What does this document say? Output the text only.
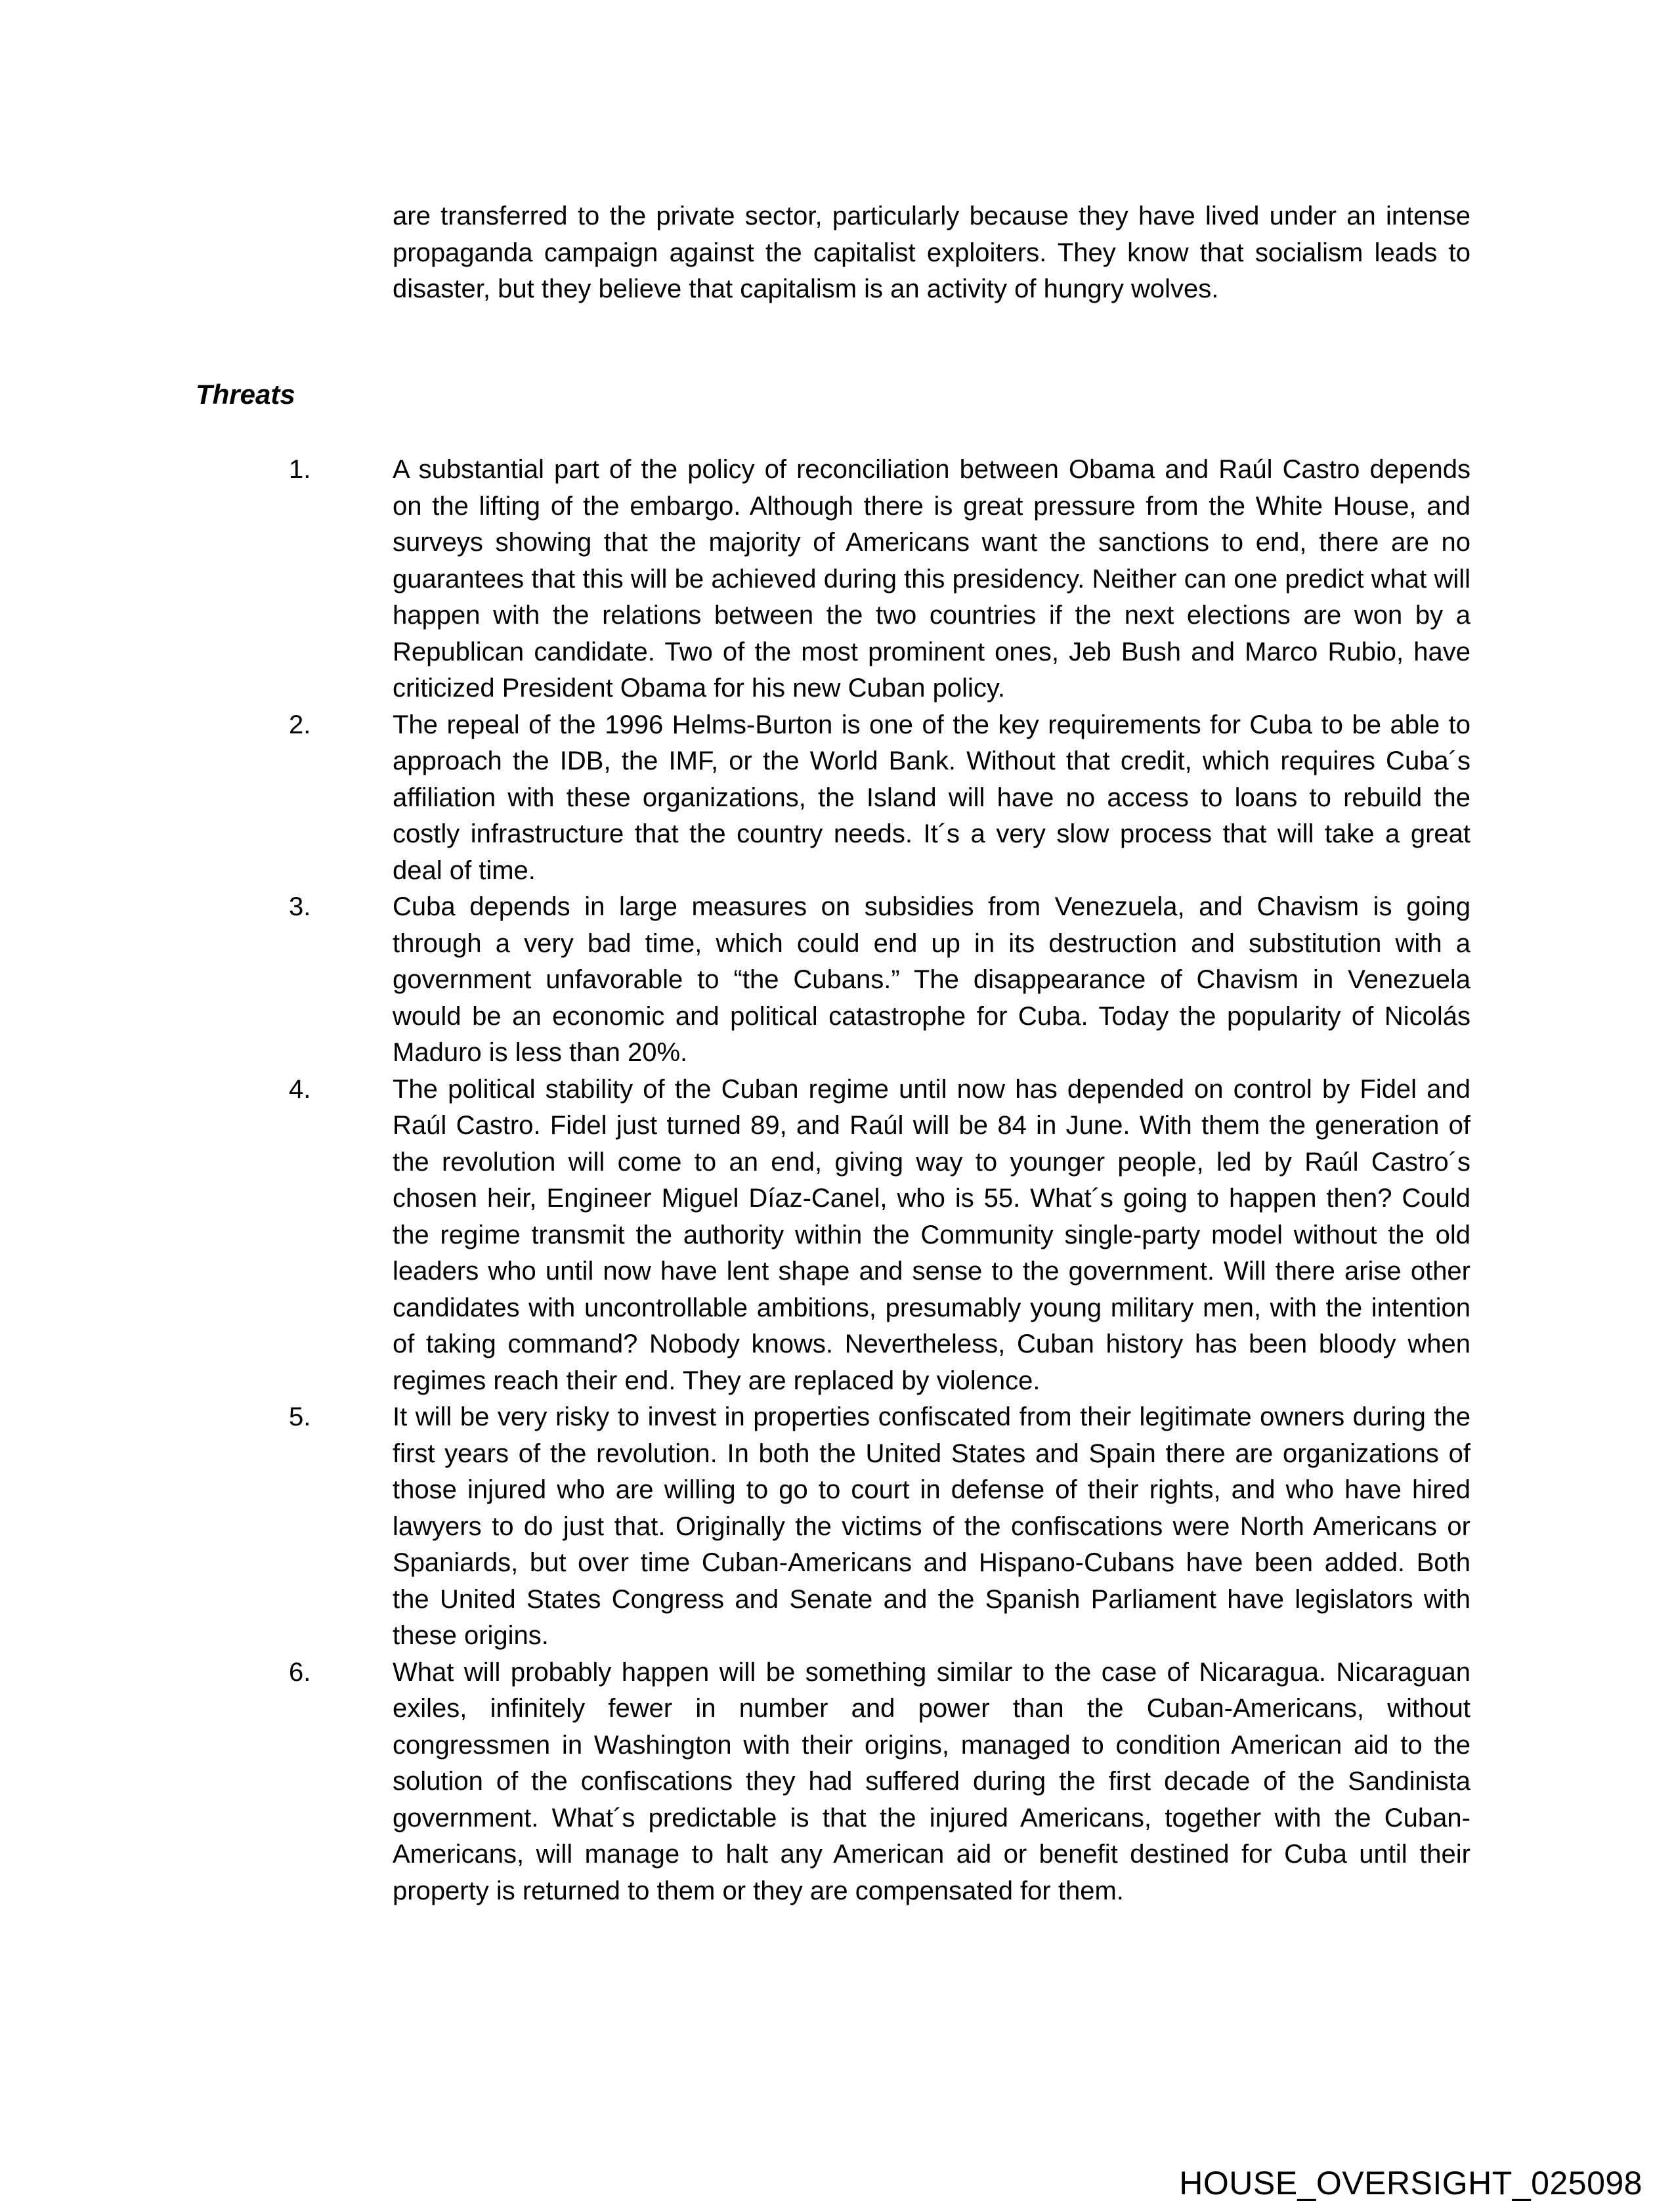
are transferred to the private sector, particularly because they have lived under an intense propaganda campaign against the capitalist exploiters. They know that socialism leads to disaster, but they believe that capitalism is an activity of hungry wolves.

Threats
1.	A substantial part of the policy of reconciliation between Obama and Raúl Castro depends on the lifting of the embargo. Although there is great pressure from the White House, and surveys showing that the majority of Americans want the sanctions to end, there are no guarantees that this will be achieved during this presidency. Neither can one predict what will happen with the relations between the two countries if the next elections are won by a Republican candidate. Two of the most prominent ones, Jeb Bush and Marco Rubio, have criticized President Obama for his new Cuban policy.
2.	The repeal of the 1996 Helms-Burton is one of the key requirements for Cuba to be able to approach the IDB, the IMF, or the World Bank. Without that credit, which requires Cuba´s affiliation with these organizations, the Island will have no access to loans to rebuild the costly infrastructure that the country needs. It´s a very slow process that will take a great deal of time.
3.	Cuba depends in large measures on subsidies from Venezuela, and Chavism is going through a very bad time, which could end up in its destruction and substitution with a government unfavorable to “the Cubans.” The disappearance of Chavism in Venezuela would be an economic and political catastrophe for Cuba. Today the popularity of Nicolás Maduro is less than 20%.
4.	The political stability of the Cuban regime until now has depended on control by Fidel and Raúl Castro. Fidel just turned 89, and Raúl will be 84 in June. With them the generation of the revolution will come to an end, giving way to younger people, led by Raúl Castro´s chosen heir, Engineer Miguel Díaz-Canel, who is 55. What´s going to happen then? Could the regime transmit the authority within the Community single-party model without the old leaders who until now have lent shape and sense to the government. Will there arise other candidates with uncontrollable ambitions, presumably young military men, with the intention of taking command? Nobody knows. Nevertheless, Cuban history has been bloody when regimes reach their end. They are replaced by violence.
5.	It will be very risky to invest in properties confiscated from their legitimate owners during the first years of the revolution. In both the United States and Spain there are organizations of those injured who are willing to go to court in defense of their rights, and who have hired lawyers to do just that. Originally the victims of the confiscations were North Americans or Spaniards, but over time Cuban-Americans and Hispano-Cubans have been added. Both the United States Congress and Senate and the Spanish Parliament have legislators with these origins.
6.	What will probably happen will be something similar to the case of Nicaragua. Nicaraguan exiles, infinitely fewer in number and power than the Cuban-Americans, without congressmen in Washington with their origins, managed to condition American aid to the solution of the confiscations they had suffered during the first decade of the Sandinista government. What´s predictable is that the injured Americans, together with the Cuban-Americans, will manage to halt any American aid or benefit destined for Cuba until their property is returned to them or they are compensated for them.
HOUSE_OVERSIGHT_025098
